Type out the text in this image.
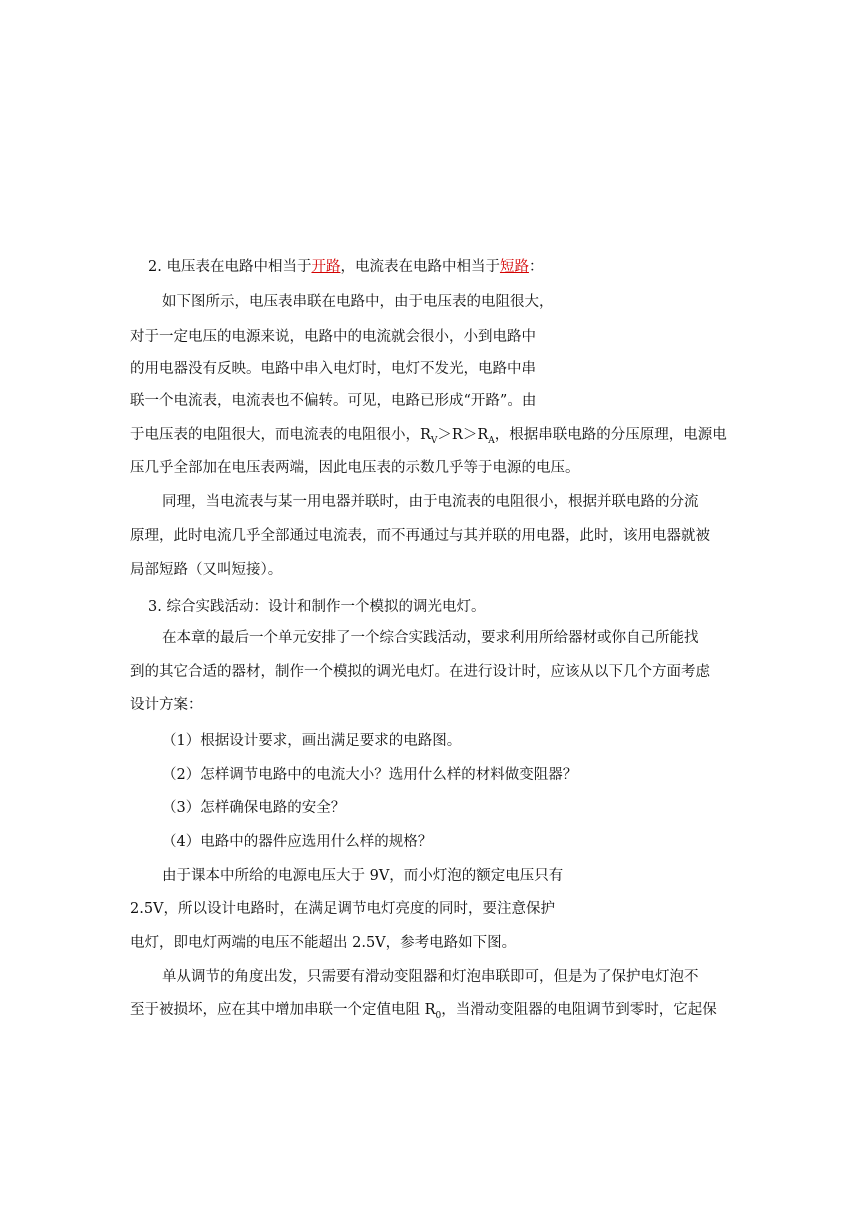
R1 $I_1$	R2 $I_2$
$U_1$	$U_2$
a
R	I
U
b
A
V
R
R	L
电源
9V	S	$R_0$
2. 电压表在电路中相当于开路，电流表在电路中相当于短路：
如下图所示，电压表串联在电路中，由于电压表的电阻很大，
对于一定电压的电源来说，电路中的电流就会很小，小到电路中
的用电器没有反映。电路中串入电灯时，电灯不发光，电路中串
联一个电流表，电流表也不偏转。可见，电路已形成“开路”。由
于电压表的电阻很大，而电流表的电阻很小，$R_V>R>R_A$，根据串联电路的分压原理，电源电
压几乎全部加在电压表两端，因此电压表的示数几乎等于电源的电压。
同理，当电流表与某一用电器并联时，由于电流表的电阻很小，根据并联电路的分流
原理，此时电流几乎全部通过电流表，而不再通过与其并联的用电器，此时，该用电器就被
局部短路（又叫短接）。
3. 综合实践活动：设计和制作一个模拟的调光电灯。
在本章的最后一个单元安排了一个综合实践活动，要求利用所给器材或你自己所能找
到的其它合适的器材，制作一个模拟的调光电灯。在进行设计时，应该从以下几个方面考虑
设计方案：
（1）根据设计要求，画出满足要求的电路图。
（2）怎样调节电路中的电流大小？选用什么样的材料做变阻器？
（3）怎样确保电路的安全？
（4）电路中的器件应选用什么样的规格？
由于课本中所给的电源电压大于 9V，而小灯泡的额定电压只有
2.5V，所以设计电路时，在满足调节电灯亮度的同时，要注意保护
电灯，即电灯两端的电压不能超出 2.5V，参考电路如下图。
单从调节的角度出发，只需要有滑动变阻器和灯泡串联即可，但是为了保护电灯泡不
至于被损坏，应在其中增加串联一个定值电阻 $R_0$，当滑动变阻器的电阻调节到零时，它起保
